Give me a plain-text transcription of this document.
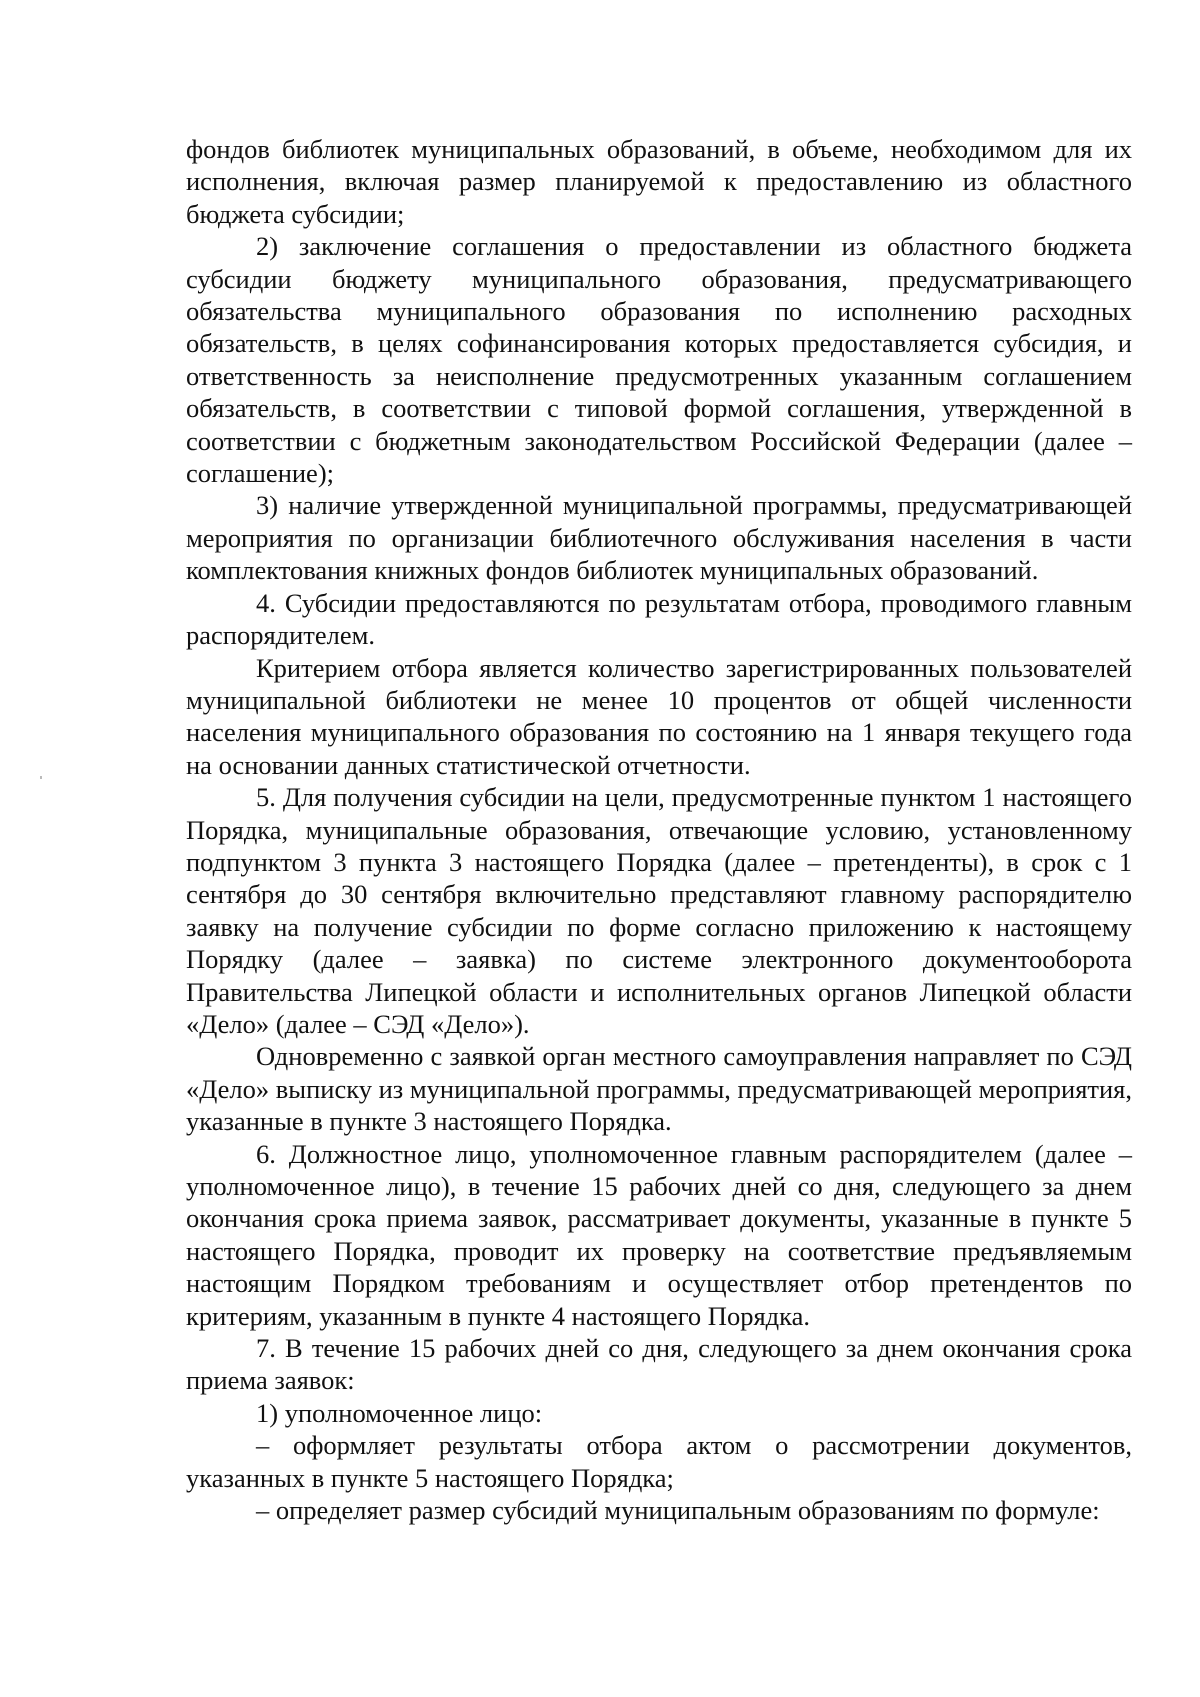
фондов библиотек муниципальных образований, в объеме, необходимом для их исполнения, включая размер планируемой к предоставлению из областного бюджета субсидии;

2) заключение соглашения о предоставлении из областного бюджета субсидии бюджету муниципального образования, предусматривающего обязательства муниципального образования по исполнению расходных обязательств, в целях софинансирования которых предоставляется субсидия, и ответственность за неисполнение предусмотренных указанным соглашением обязательств, в соответствии с типовой формой соглашения, утвержденной в соответствии с бюджетным законодательством Российской Федерации (далее – соглашение);

3) наличие утвержденной муниципальной программы, предусматривающей мероприятия по организации библиотечного обслуживания населения в части комплектования книжных фондов библиотек муниципальных образований.

4. Субсидии предоставляются по результатам отбора, проводимого главным распорядителем.

Критерием отбора является количество зарегистрированных пользователей муниципальной библиотеки не менее 10 процентов от общей численности населения муниципального образования по состоянию на 1 января текущего года на основании данных статистической отчетности.

5. Для получения субсидии на цели, предусмотренные пунктом 1 настоящего Порядка, муниципальные образования, отвечающие условию, установленному подпунктом 3 пункта 3 настоящего Порядка (далее – претенденты), в срок с 1 сентября до 30 сентября включительно представляют главному распорядителю заявку на получение субсидии по форме согласно приложению к настоящему Порядку (далее – заявка) по системе электронного документооборота Правительства Липецкой области и исполнительных органов Липецкой области «Дело» (далее – СЭД «Дело»).

Одновременно с заявкой орган местного самоуправления направляет по СЭД «Дело» выписку из муниципальной программы, предусматривающей мероприятия, указанные в пункте 3 настоящего Порядка.

6. Должностное лицо, уполномоченное главным распорядителем (далее – уполномоченное лицо), в течение 15 рабочих дней со дня, следующего за днем окончания срока приема заявок, рассматривает документы, указанные в пункте 5 настоящего Порядка, проводит их проверку на соответствие предъявляемым настоящим Порядком требованиям и осуществляет отбор претендентов по критериям, указанным в пункте 4 настоящего Порядка.

7. В течение 15 рабочих дней со дня, следующего за днем окончания срока приема заявок:

1) уполномоченное лицо:

– оформляет результаты отбора актом о рассмотрении документов, указанных в пункте 5 настоящего Порядка;

– определяет размер субсидий муниципальным образованиям по формуле:
